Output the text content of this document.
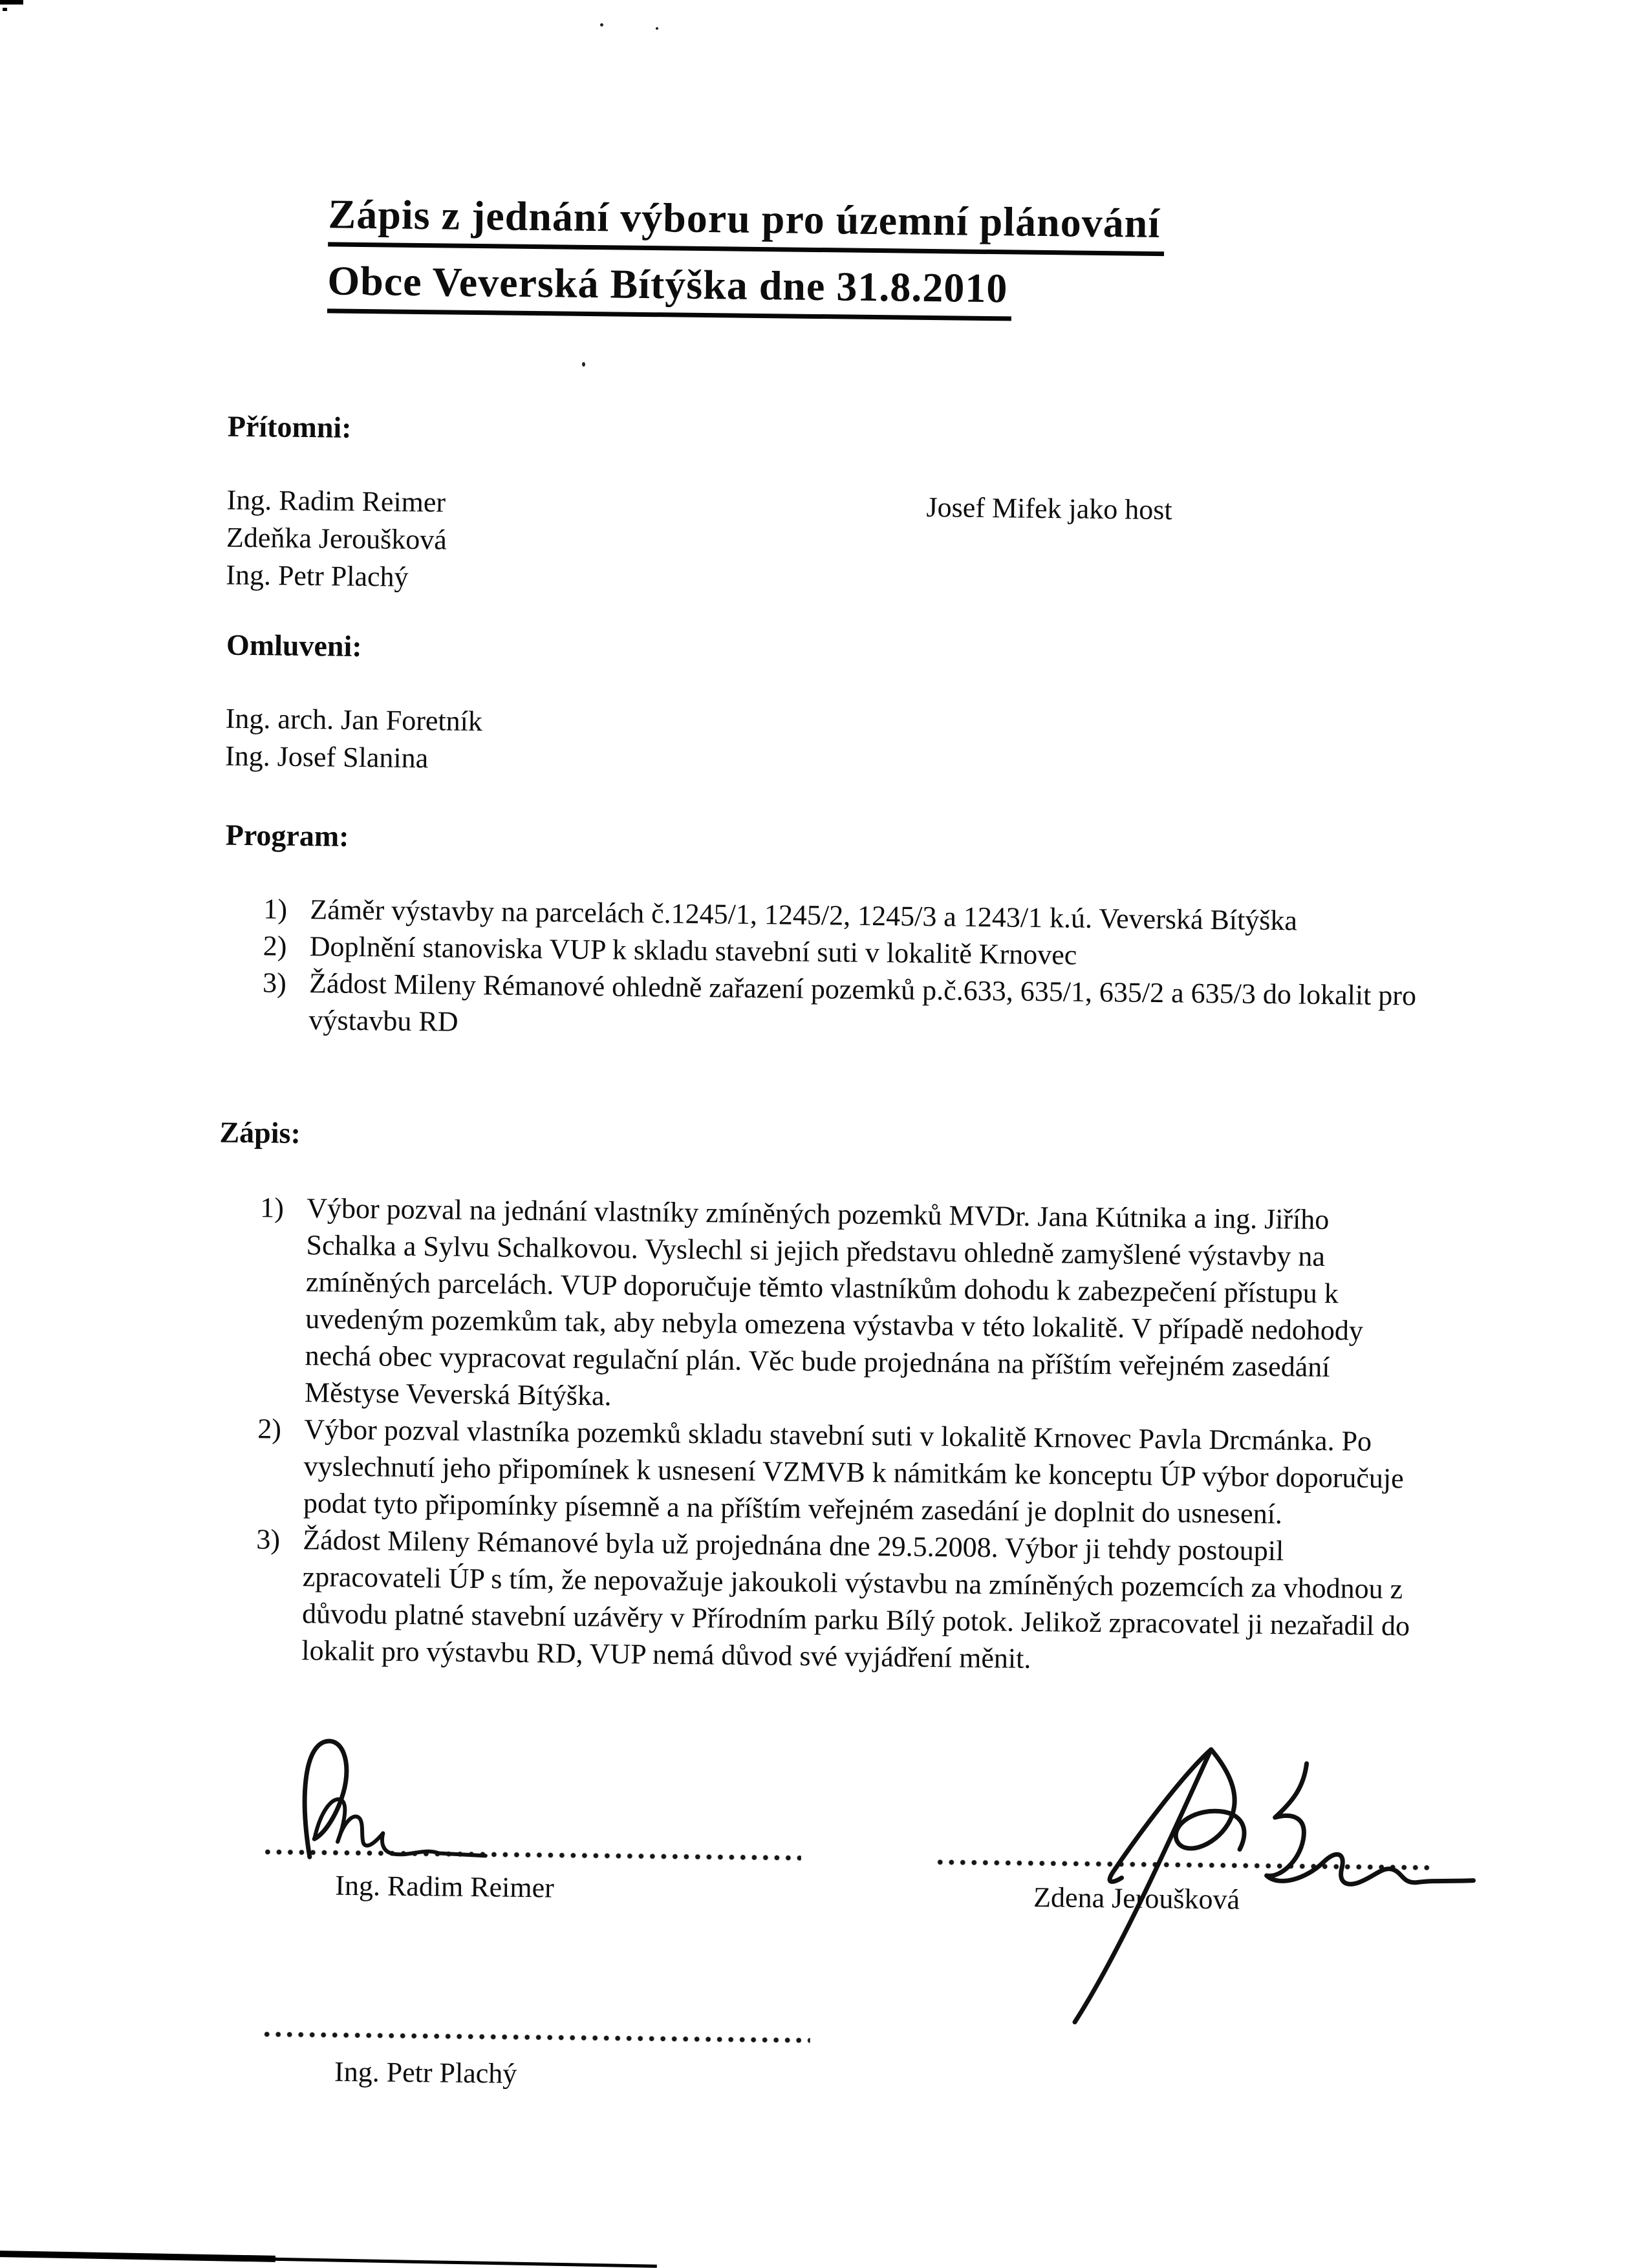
Zápis z jednání výboru pro územní plánování
Obce Veverská Bítýška dne 31.8.2010
Přítomni:
Ing. Radim Reimer
Zdeňka Jeroušková
Ing. Petr Plachý
Josef Mifek jako host
Omluveni:
Ing. arch. Jan Foretník
Ing. Josef Slanina
Program:
1) Záměr výstavby na parcelách č.1245/1, 1245/2, 1245/3 a 1243/1 k.ú. Veverská Bítýška
2) Doplnění stanoviska VUP k skladu stavební suti v lokalitě Krnovec
3) Žádost Mileny Rémanové ohledně zařazení pozemků p.č.633, 635/1, 635/2 a 635/3 do lokalit pro výstavbu RD
Zápis:
1) Výbor pozval na jednání vlastníky zmíněných pozemků MVDr. Jana Kútnika a ing. Jiřího Schalka a Sylvu Schalkovou. Vyslechl si jejich představu ohledně zamyšlené výstavby na zmíněných parcelách. VUP doporučuje těmto vlastníkům dohodu k zabezpečení přístupu k uvedeným pozemkům tak, aby nebyla omezena výstavba v této lokalitě. V případě nedohody nechá obec vypracovat regulační plán. Věc bude projednána na příštím veřejném zasedání Městyse Veverská Bítýška.
2) Výbor pozval vlastníka pozemků skladu stavební suti v lokalitě Krnovec Pavla Drcmánka. Po vyslechnutí jeho připomínek k usnesení VZMVB k námitkám ke konceptu ÚP výbor doporučuje podat tyto připomínky písemně a na příštím veřejném zasedání je doplnit do usnesení.
3) Žádost Mileny Rémanové byla už projednána dne 29.5.2008. Výbor ji tehdy postoupil zpracovateli ÚP s tím, že nepovažuje jakoukoli výstavbu na zmíněných pozemcích za vhodnou z důvodu platné stavební uzávěry v Přírodním parku Bílý potok. Jelikož zpracovatel ji nezařadil do lokalit pro výstavbu RD, VUP nemá důvod své vyjádření měnit.
Ing. Radim Reimer	Zdena Jeroušková
Ing. Petr Plachý
